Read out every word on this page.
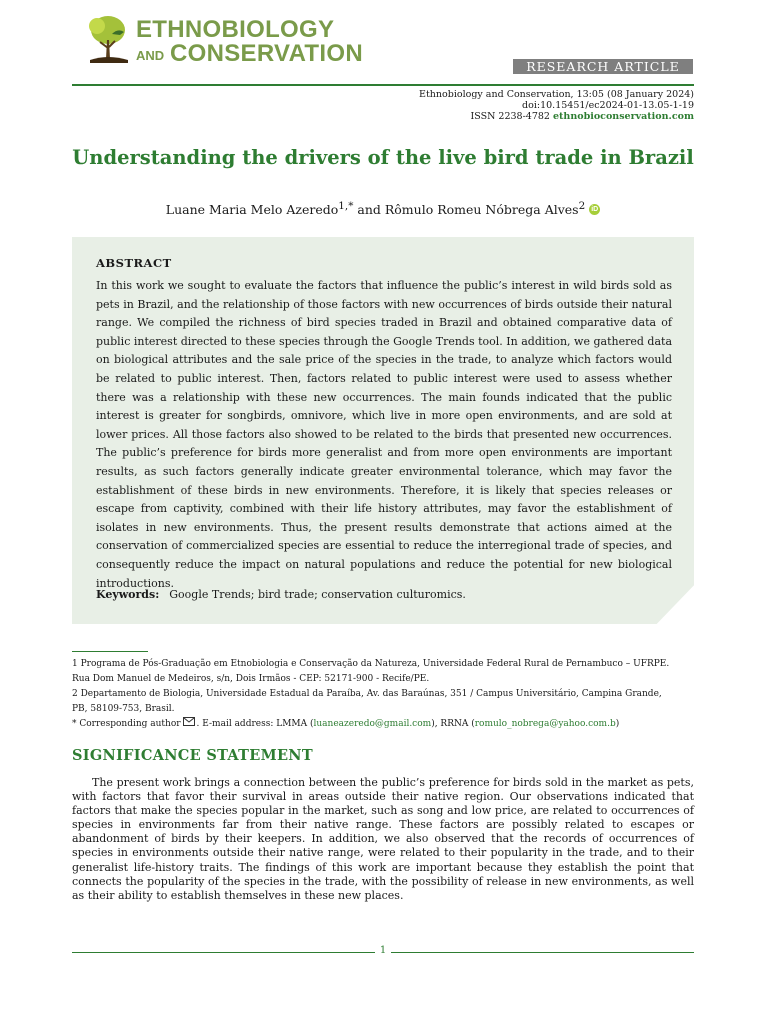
ETHNOBIOLOGY
AND CONSERVATION	RESEARCH ARTICLE
Ethnobiology and Conservation, 13:05 (08 January 2024)
doi:10.15451/ec2024-01-13.05-1-19
ISSN 2238-4782 ethnobioconservation.com
Understanding the drivers of the live bird trade in Brazil
Luane Maria Melo Azeredo$^{1,*}$ and Rômulo Romeu Nóbrega Alves$^2$ iD
ABSTRACT
In this work we sought to evaluate the factors that influence the public’s interest in wild birds sold as pets in Brazil, and the relationship of those factors with new occurrences of birds outside their natural range. We compiled the richness of bird species traded in Brazil and obtained comparative data of public interest directed to these species through the Google Trends tool. In addition, we gathered data on biological attributes and the sale price of the species in the trade, to analyze which factors would be related to public interest. Then, factors related to public interest were used to assess whether there was a relationship with these new occurrences. The main founds indicated that the public interest is greater for songbirds, omnivore, which live in more open environments, and are sold at lower prices. All those factors also showed to be related to the birds that presented new occurrences. The public’s preference for birds more generalist and from more open environments are important results, as such factors generally indicate greater environmental tolerance, which may favor the establishment of these birds in new environments. Therefore, it is likely that species releases or escape from captivity, combined with their life history attributes, may favor the establishment of isolates in new environments. Thus, the present results demonstrate that actions aimed at the conservation of commercialized species are essential to reduce the interregional trade of species, and consequently reduce the impact on natural populations and reduce the potential for new biological introductions.
Keywords: Google Trends; bird trade; conservation culturomics.
1 Programa de Pós-Graduação em Etnobiologia e Conservação da Natureza, Universidade Federal Rural de Pernambuco – UFRPE.
Rua Dom Manuel de Medeiros, s/n, Dois Irmãos - CEP: 52171-900 - Recife/PE.
2 Departamento de Biologia, Universidade Estadual da Paraíba, Av. das Baraúnas, 351 / Campus Universitário, Campina Grande,
PB, 58109-753, Brasil.
* Corresponding author . E-mail address: LMMA (luaneazeredo@gmail.com), RRNA (romulo_nobrega@yahoo.com.b)
SIGNIFICANCE STATEMENT
The present work brings a connection between the public’s preference for birds sold in the market as pets, with factors that favor their survival in areas outside their native region. Our observations indicated that factors that make the species popular in the market, such as song and low price, are related to occurrences of species in environments far from their native range. These factors are possibly related to escapes or abandonment of birds by their keepers. In addition, we also observed that the records of occurrences of species in environments outside their native range, were related to their popularity in the trade, and to their generalist life-history traits. The findings of this work are important because they establish the point that connects the popularity of the species in the trade, with the possibility of release in new environments, as well as their ability to establish themselves in these new places.
1
